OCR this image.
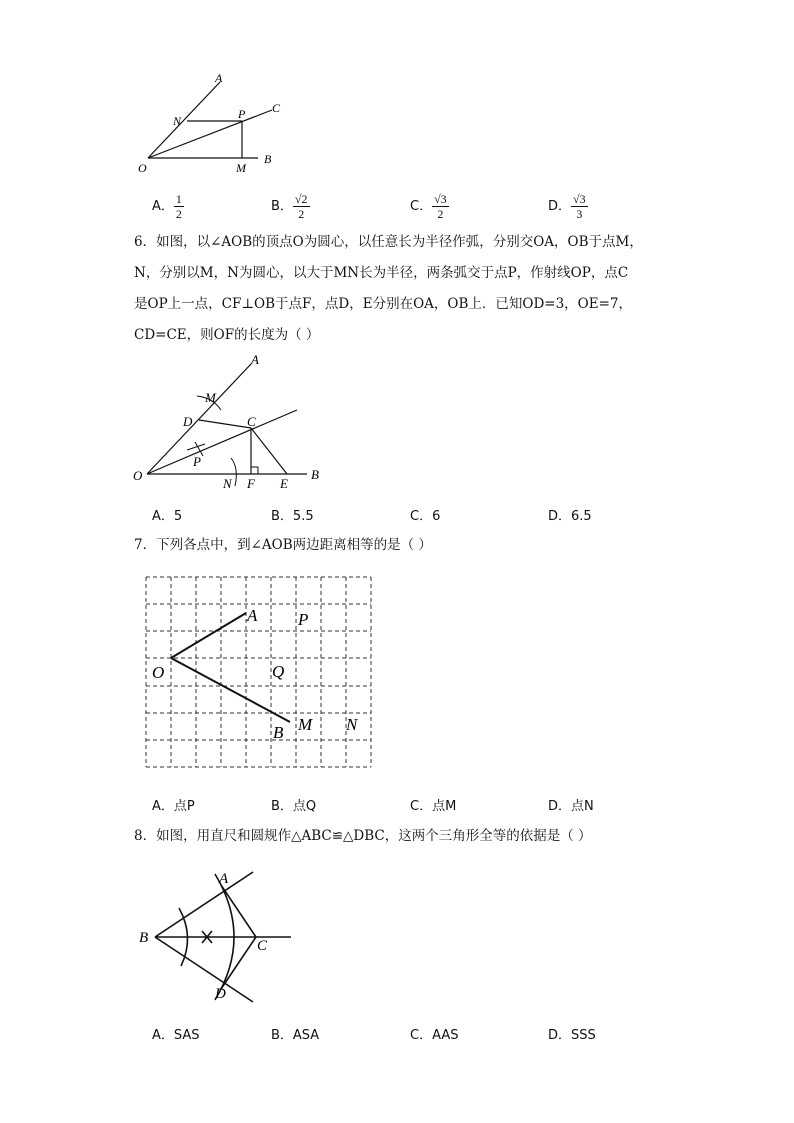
A
N	P C
O	M
B
A． $\frac{1}{2}$	B． $\frac{√2}{2}$	C． $\frac{√3}{2}$	D． $\frac{√3}{3}$
6．如图，以∠AOB的顶点O为圆心，以任意长为半径作弧，分别交OA，OB于点M，
N，分别以M，N为圆心，以大于MN长为半径，两条弧交于点P，作射线OP，点C
是OP上一点，CF⊥OB于点F，点D，E分别在OA，OB上．已知OD=3，OE=7，
CD=CE，则OF的长度为（ ）
A
M
D	C
P
O
N F E
B
A．5	B．5.5	C．6	D．6.5
7．下列各点中，到∠AOB两边距离相等的是（ ）
A P
O	Q
M N
B
A．点P	B．点Q	C．点M	D．点N
8．如图，用直尺和圆规作△ABC≌△DBC，这两个三角形全等的依据是（ ）
A
B	C
D
A．SAS	B．ASA	C．AAS	D．SSS
